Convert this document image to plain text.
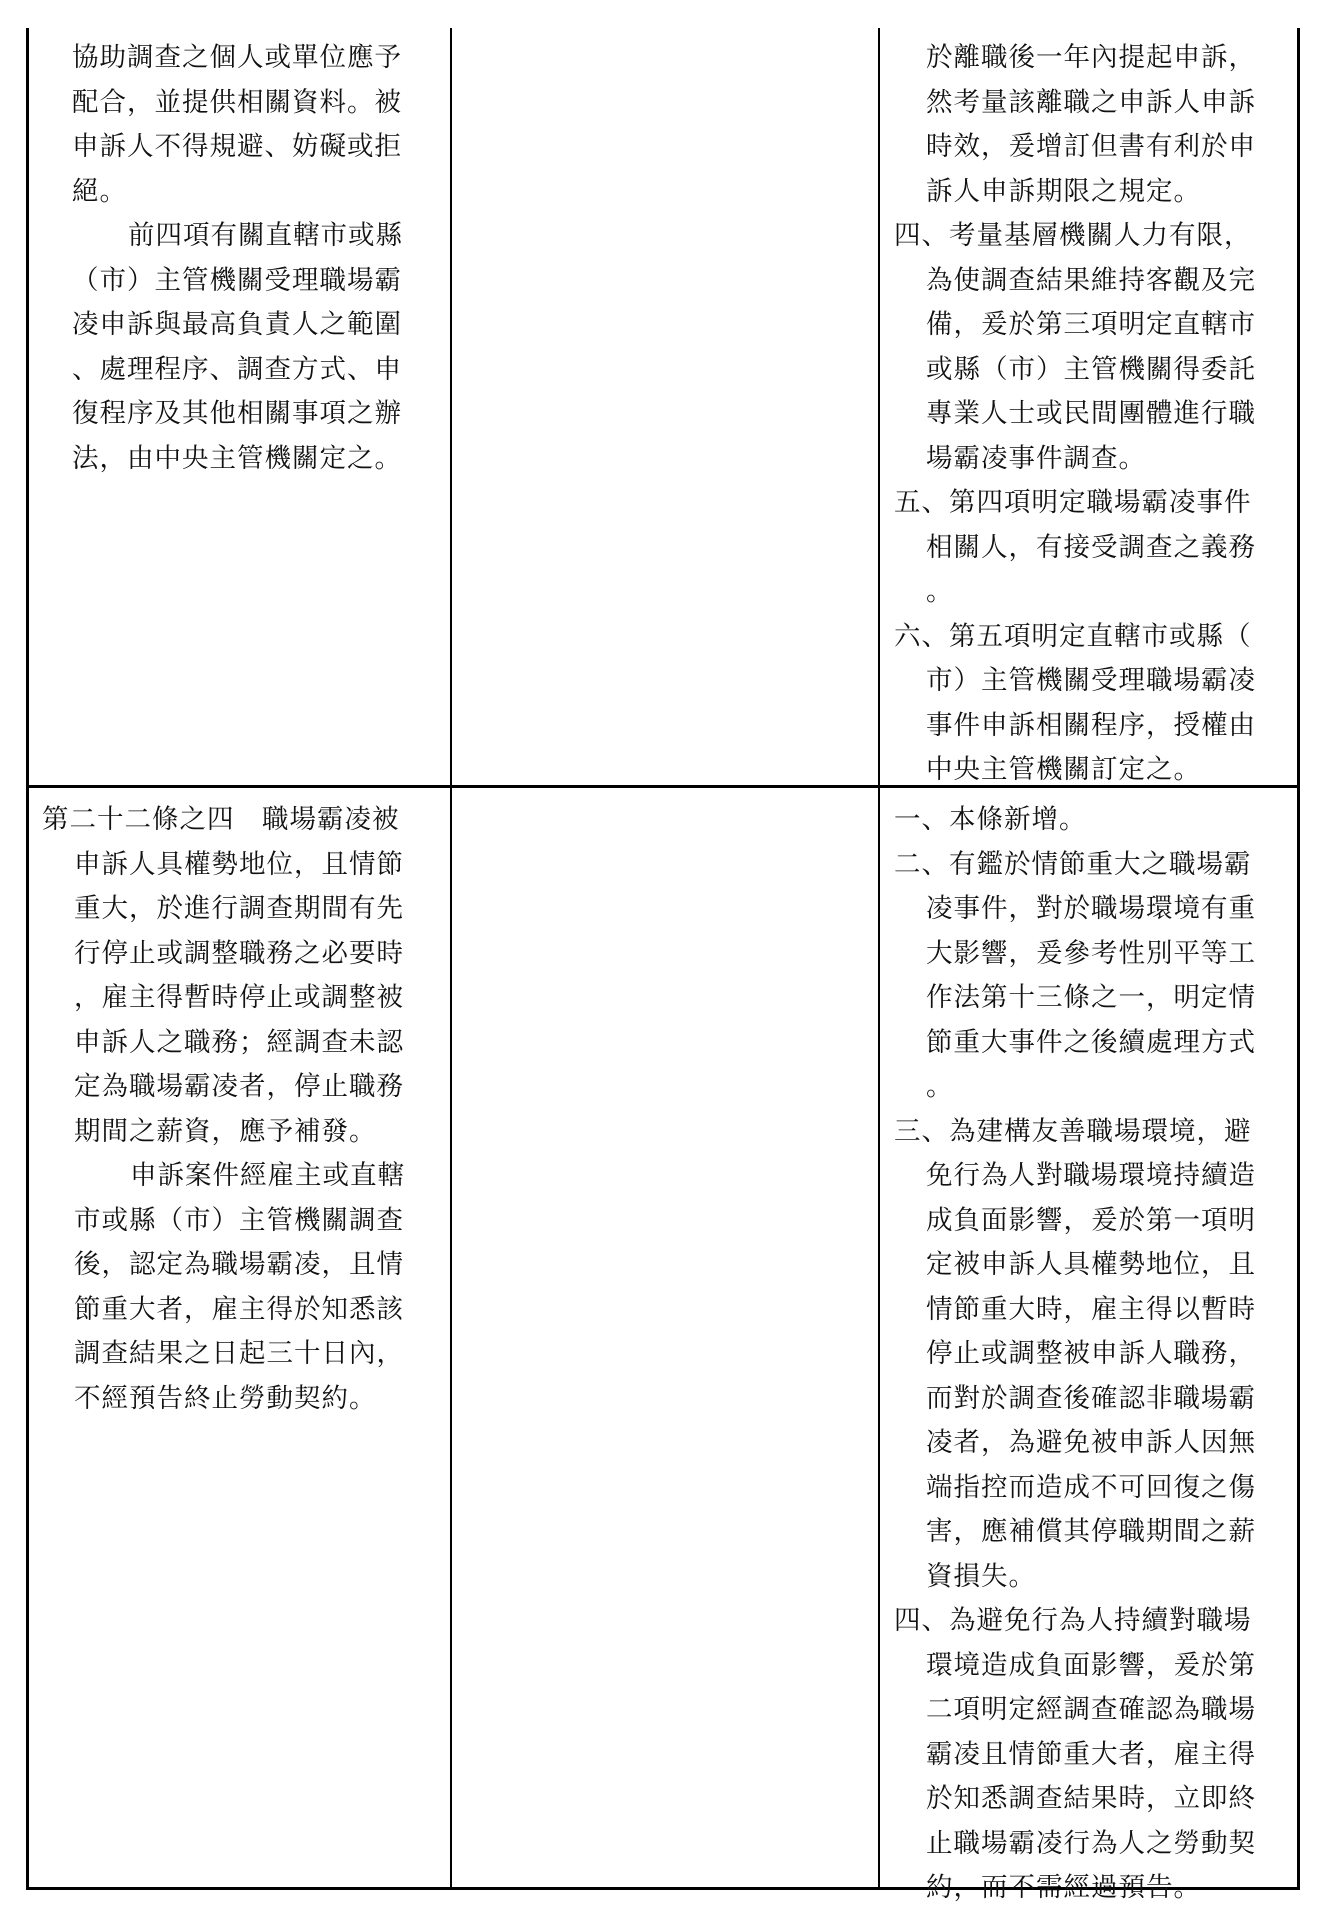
協助調查之個人或單位應予
配合，並提供相關資料。被
申訴人不得規避、妨礙或拒
絕。
前四項有關直轄市或縣
（市）主管機關受理職場霸
凌申訴與最高負責人之範圍
、處理程序、調查方式、申
復程序及其他相關事項之辦
法，由中央主管機關定之。
於離職後一年內提起申訴，
然考量該離職之申訴人申訴
時效，爰增訂但書有利於申
訴人申訴期限之規定。
四、考量基層機關人力有限，
為使調查結果維持客觀及完
備，爰於第三項明定直轄市
或縣（市）主管機關得委託
專業人士或民間團體進行職
場霸凌事件調查。
五、第四項明定職場霸凌事件
相關人，有接受調查之義務
。
六、第五項明定直轄市或縣（
市）主管機關受理職場霸凌
事件申訴相關程序，授權由
中央主管機關訂定之。
第二十二條之四　職場霸凌被
申訴人具權勢地位，且情節
重大，於進行調查期間有先
行停止或調整職務之必要時
，雇主得暫時停止或調整被
申訴人之職務；經調查未認
定為職場霸凌者，停止職務
期間之薪資，應予補發。
申訴案件經雇主或直轄
市或縣（市）主管機關調查
後，認定為職場霸凌，且情
節重大者，雇主得於知悉該
調查結果之日起三十日內，
不經預告終止勞動契約。
一、本條新增。
二、有鑑於情節重大之職場霸
凌事件，對於職場環境有重
大影響，爰參考性別平等工
作法第十三條之一，明定情
節重大事件之後續處理方式
。
三、為建構友善職場環境，避
免行為人對職場環境持續造
成負面影響，爰於第一項明
定被申訴人具權勢地位，且
情節重大時，雇主得以暫時
停止或調整被申訴人職務，
而對於調查後確認非職場霸
凌者，為避免被申訴人因無
端指控而造成不可回復之傷
害，應補償其停職期間之薪
資損失。
四、為避免行為人持續對職場
環境造成負面影響，爰於第
二項明定經調查確認為職場
霸凌且情節重大者，雇主得
於知悉調查結果時，立即終
止職場霸凌行為人之勞動契
約，而不需經過預告。
